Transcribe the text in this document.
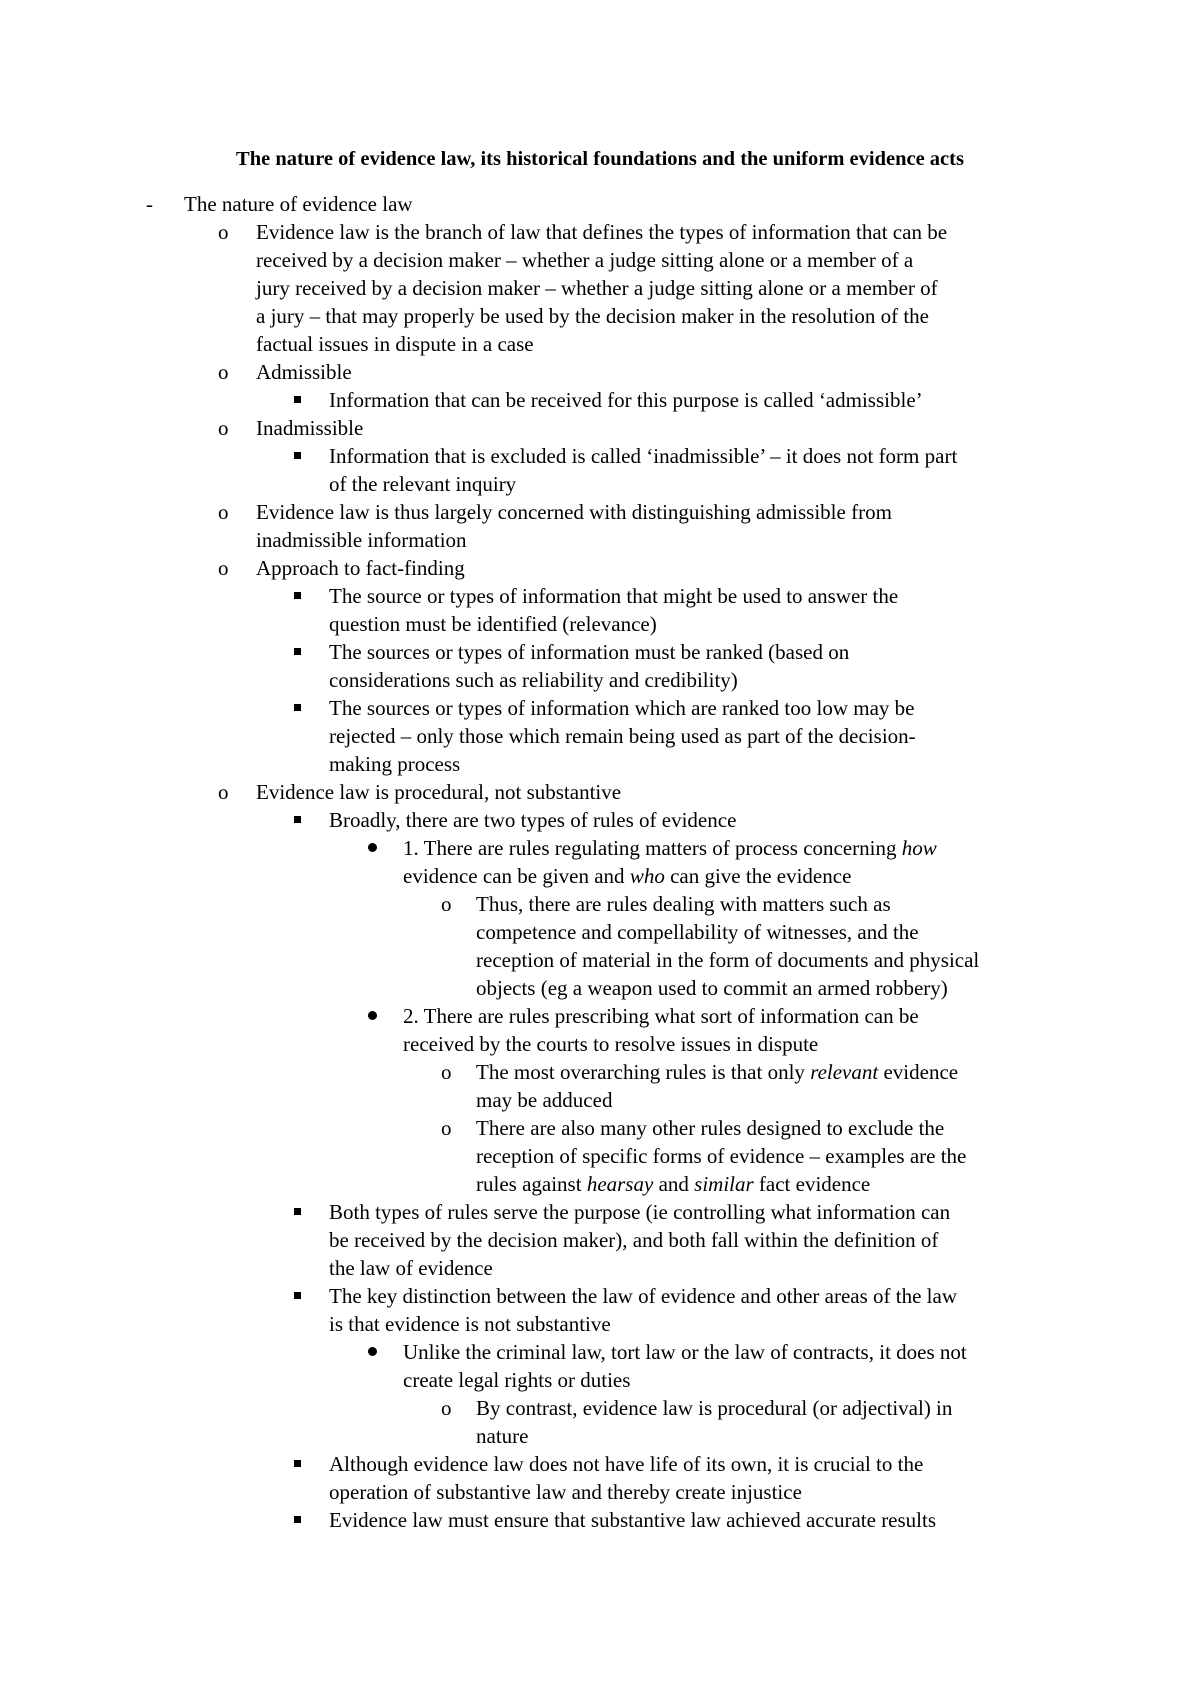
The nature of evidence law, its historical foundations and the uniform evidence acts
- The nature of evidence law
o Evidence law is the branch of law that defines the types of information that can be
received by a decision maker – whether a judge sitting alone or a member of a
jury received by a decision maker – whether a judge sitting alone or a member of
a jury – that may properly be used by the decision maker in the resolution of the
factual issues in dispute in a case
o Admissible
Information that can be received for this purpose is called ‘admissible’
o Inadmissible
Information that is excluded is called ‘inadmissible’ – it does not form part
of the relevant inquiry
o Evidence law is thus largely concerned with distinguishing admissible from
inadmissible information
o Approach to fact-finding
The source or types of information that might be used to answer the
question must be identified (relevance)
The sources or types of information must be ranked (based on
considerations such as reliability and credibility)
The sources or types of information which are ranked too low may be
rejected – only those which remain being used as part of the decision-
making process
o Evidence law is procedural, not substantive
Broadly, there are two types of rules of evidence
1. There are rules regulating matters of process concerning how
evidence can be given and who can give the evidence
o Thus, there are rules dealing with matters such as
competence and compellability of witnesses, and the
reception of material in the form of documents and physical
objects (eg a weapon used to commit an armed robbery)
2. There are rules prescribing what sort of information can be
received by the courts to resolve issues in dispute
o The most overarching rules is that only relevant evidence
may be adduced
o There are also many other rules designed to exclude the
reception of specific forms of evidence – examples are the
rules against hearsay and similar fact evidence
Both types of rules serve the purpose (ie controlling what information can
be received by the decision maker), and both fall within the definition of
the law of evidence
The key distinction between the law of evidence and other areas of the law
is that evidence is not substantive
Unlike the criminal law, tort law or the law of contracts, it does not
create legal rights or duties
o By contrast, evidence law is procedural (or adjectival) in
nature
Although evidence law does not have life of its own, it is crucial to the
operation of substantive law and thereby create injustice
Evidence law must ensure that substantive law achieved accurate results
